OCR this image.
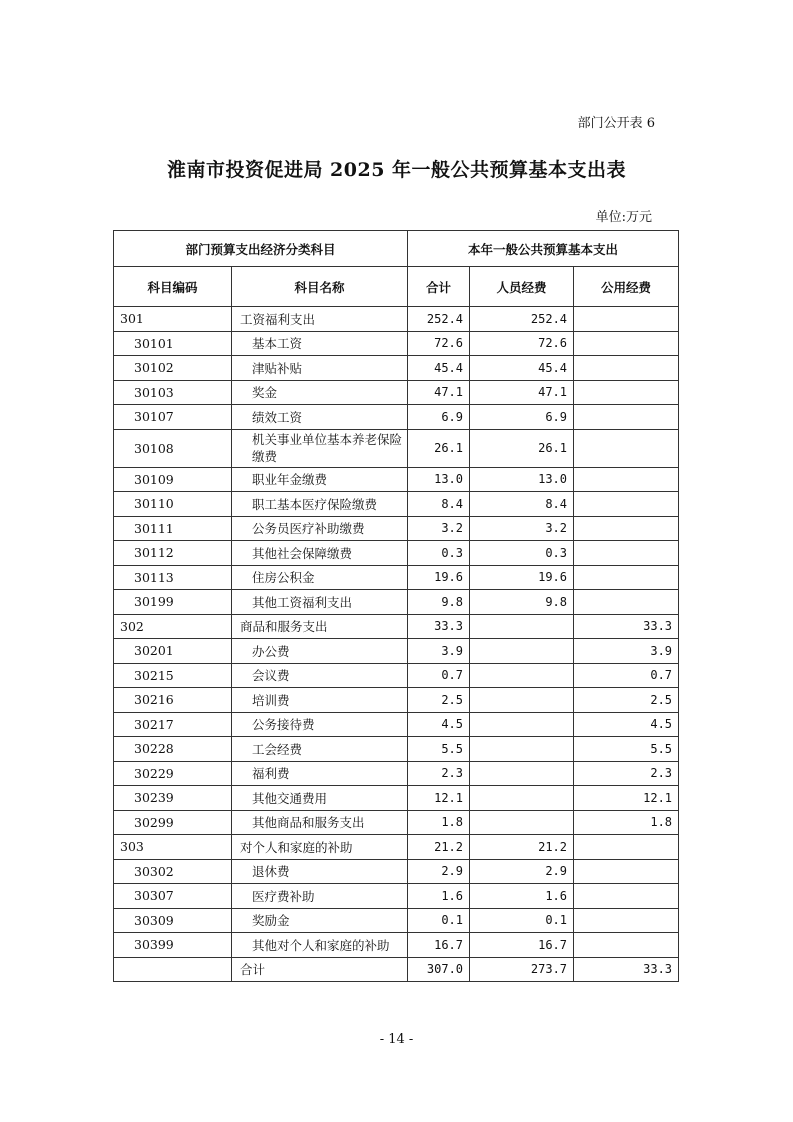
部门公开表 6
淮南市投资促进局 2025 年一般公共预算基本支出表
单位:万元
部门预算支出经济分类科目		本年一般公共预算基本支出		
科目编码	科目名称	合计	人员经费	公用经费
301	工资福利支出	252.4	252.4	
30101	基本工资	72.6	72.6	
30102	津贴补贴	45.4	45.4	
30103	奖金	47.1	47.1	
30107	绩效工资	6.9	6.9	
30108	机关事业单位基本养老保险缴费	26.1	26.1	
30109	职业年金缴费	13.0	13.0	
30110	职工基本医疗保险缴费	8.4	8.4	
30111	公务员医疗补助缴费	3.2	3.2	
30112	其他社会保障缴费	0.3	0.3	
30113	住房公积金	19.6	19.6	
30199	其他工资福利支出	9.8	9.8	
302	商品和服务支出	33.3		33.3
30201	办公费	3.9		3.9
30215	会议费	0.7		0.7
30216	培训费	2.5		2.5
30217	公务接待费	4.5		4.5
30228	工会经费	5.5		5.5
30229	福利费	2.3		2.3
30239	其他交通费用	12.1		12.1
30299	其他商品和服务支出	1.8		1.8
303	对个人和家庭的补助	21.2	21.2	
30302	退休费	2.9	2.9	
30307	医疗费补助	1.6	1.6	
30309	奖励金	0.1	0.1	
30399	其他对个人和家庭的补助	16.7	16.7	
	合计	307.0	273.7	33.3
- 14 -
